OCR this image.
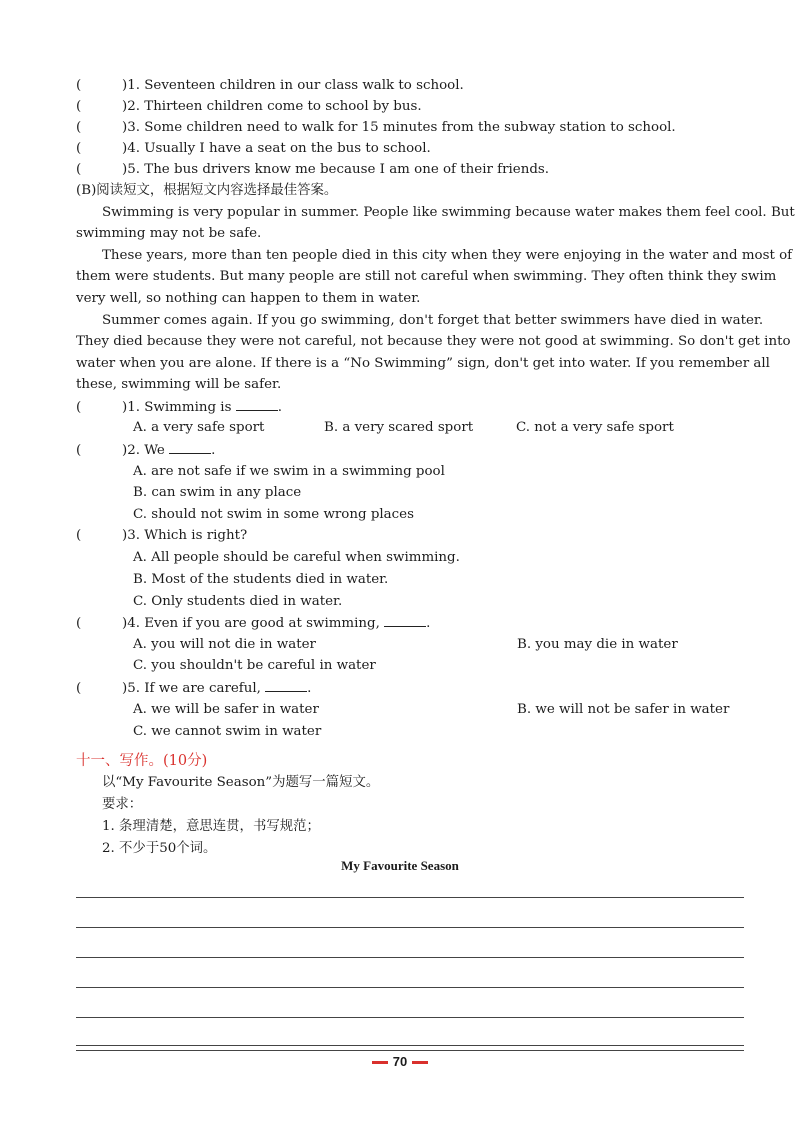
(	)1. Seventeen children in our class walk to school.
(	)2. Thirteen children come to school by bus.
(	)3. Some children need to walk for 15 minutes from the subway station to school.
(	)4. Usually I have a seat on the bus to school.
(	)5. The bus drivers know me because I am one of their friends.
(B)阅读短文，根据短文内容选择最佳答案。
Swimming is very popular in summer. People like swimming because water makes them feel cool. But
swimming may not be safe.
These years, more than ten people died in this city when they were enjoying in the water and most of
them were students. But many people are still not careful when swimming. They often think they swim
very well, so nothing can happen to them in water.
Summer comes again. If you go swimming, don't forget that better swimmers have died in water.
They died because they were not careful, not because they were not good at swimming. So don't get into
water when you are alone. If there is a “No Swimming” sign, don't get into water. If you remember all
these, swimming will be safer.
(	)1. Swimming is	.
A. a very safe sport	B. a very scared sport	C. not a very safe sport
(	)2. We	.
A. are not safe if we swim in a swimming pool
B. can swim in any place
C. should not swim in some wrong places
(	)3. Which is right?
A. All people should be careful when swimming.
B. Most of the students died in water.
C. Only students died in water.
(	)4. Even if you are good at swimming,	.
A. you will not die in water	B. you may die in water
C. you shouldn't be careful in water
(	)5. If we are careful,	.
A. we will be safer in water	B. we will not be safer in water
C. we cannot swim in water
十一、写作。(10分)
以“My Favourite Season”为题写一篇短文。
要求：
1. 条理清楚，意思连贯，书写规范；
2. 不少于50个词。
My Favourite Season
70
